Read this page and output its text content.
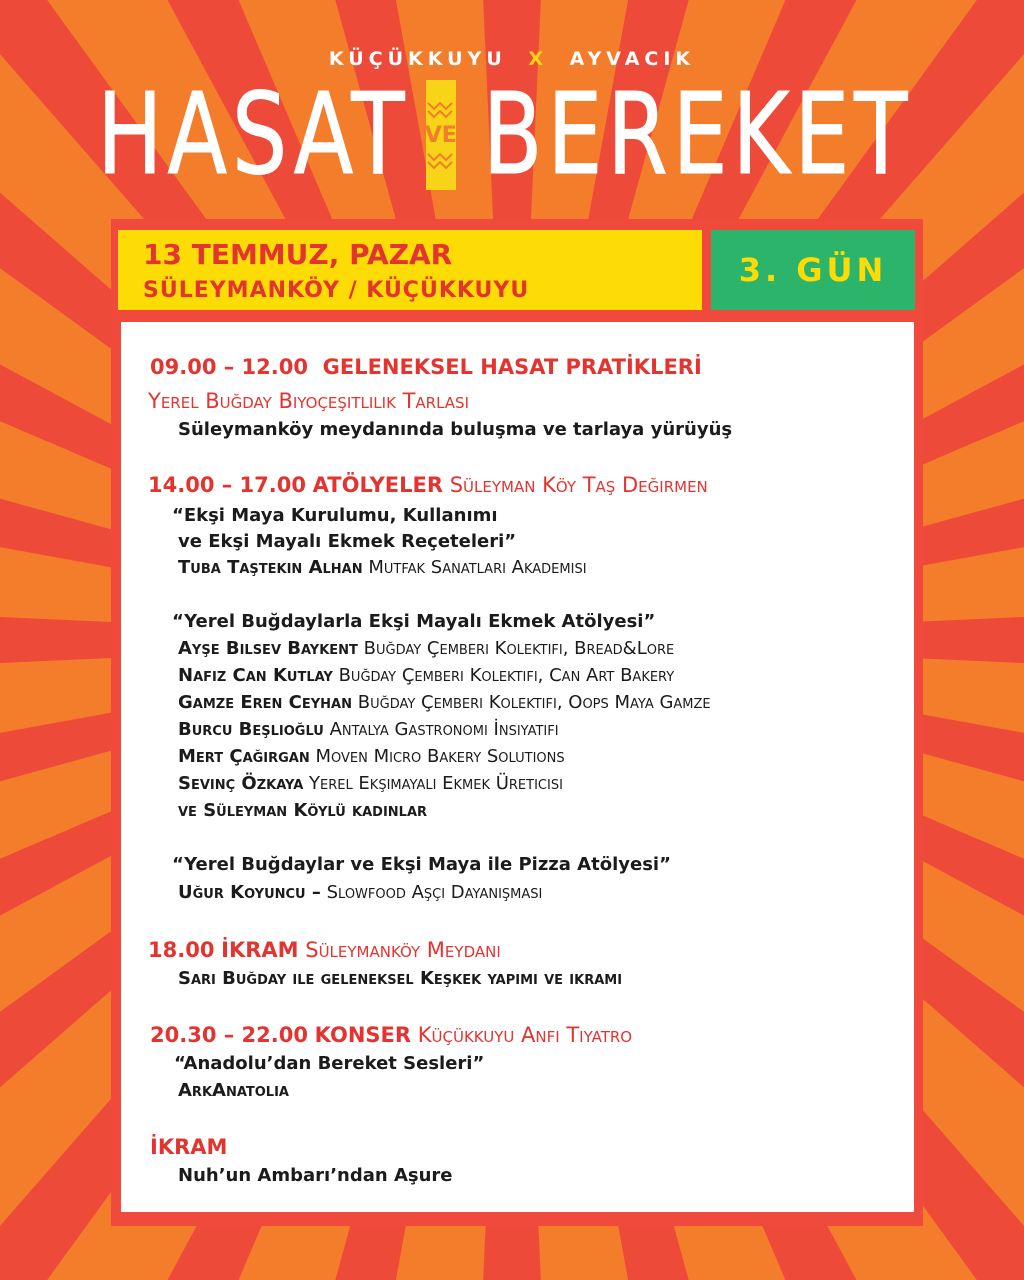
KÜÇÜKKUYU X AYVACIK
HASAT VE BEREKET
13 TEMMUZ, PAZAR
SÜLEYMANKÖY / KÜÇÜKKUYU
3. GÜN
09.00 – 12.00 GELENEKSEL HASAT PRATİKLERİ
Yerel Buğday Biyoçeşitlilik Tarlası
Süleymanköy meydanında buluşma ve tarlaya yürüyüş
14.00 – 17.00 ATÖLYELER Süleyman Köy Taş Değirmen
“Ekşi Maya Kurulumu, Kullanımı
ve Ekşi Mayalı Ekmek Reçeteleri”
Tuba Taştekin Alhan Mutfak Sanatları Akademisi
“Yerel Buğdaylarla Ekşi Mayalı Ekmek Atölyesi”
Ayşe Bilsev Baykent Buğday Çemberi Kolektifi, Bread&Lore
Nafiz Can Kutlay Buğday Çemberi Kolektifi, Can Art Bakery
Gamze Eren Ceyhan Buğday Çemberi Kolektifi, Oops Maya Gamze
Burcu Beşlioğlu Antalya Gastronomi İnsiyatifi
Mert Çağırgan Moven Micro Bakery Solutions
Sevinç Özkaya Yerel Ekşimayalı Ekmek Üreticisi
ve Süleyman Köylü kadınlar
“Yerel Buğdaylar ve Ekşi Maya ile Pizza Atölyesi”
Uğur Koyuncu – Slowfood Aşçı Dayanışması
18.00 İKRAM Süleymanköy Meydanı
Sarı Buğday ile geleneksel Keşkek yapımı ve ikramı
20.30 – 22.00 KONSER Küçükkuyu Anfi Tiyatro
“Anadolu’dan Bereket Sesleri”
ArkAnatolia
İKRAM
Nuh’un Ambarı’ndan Aşure
